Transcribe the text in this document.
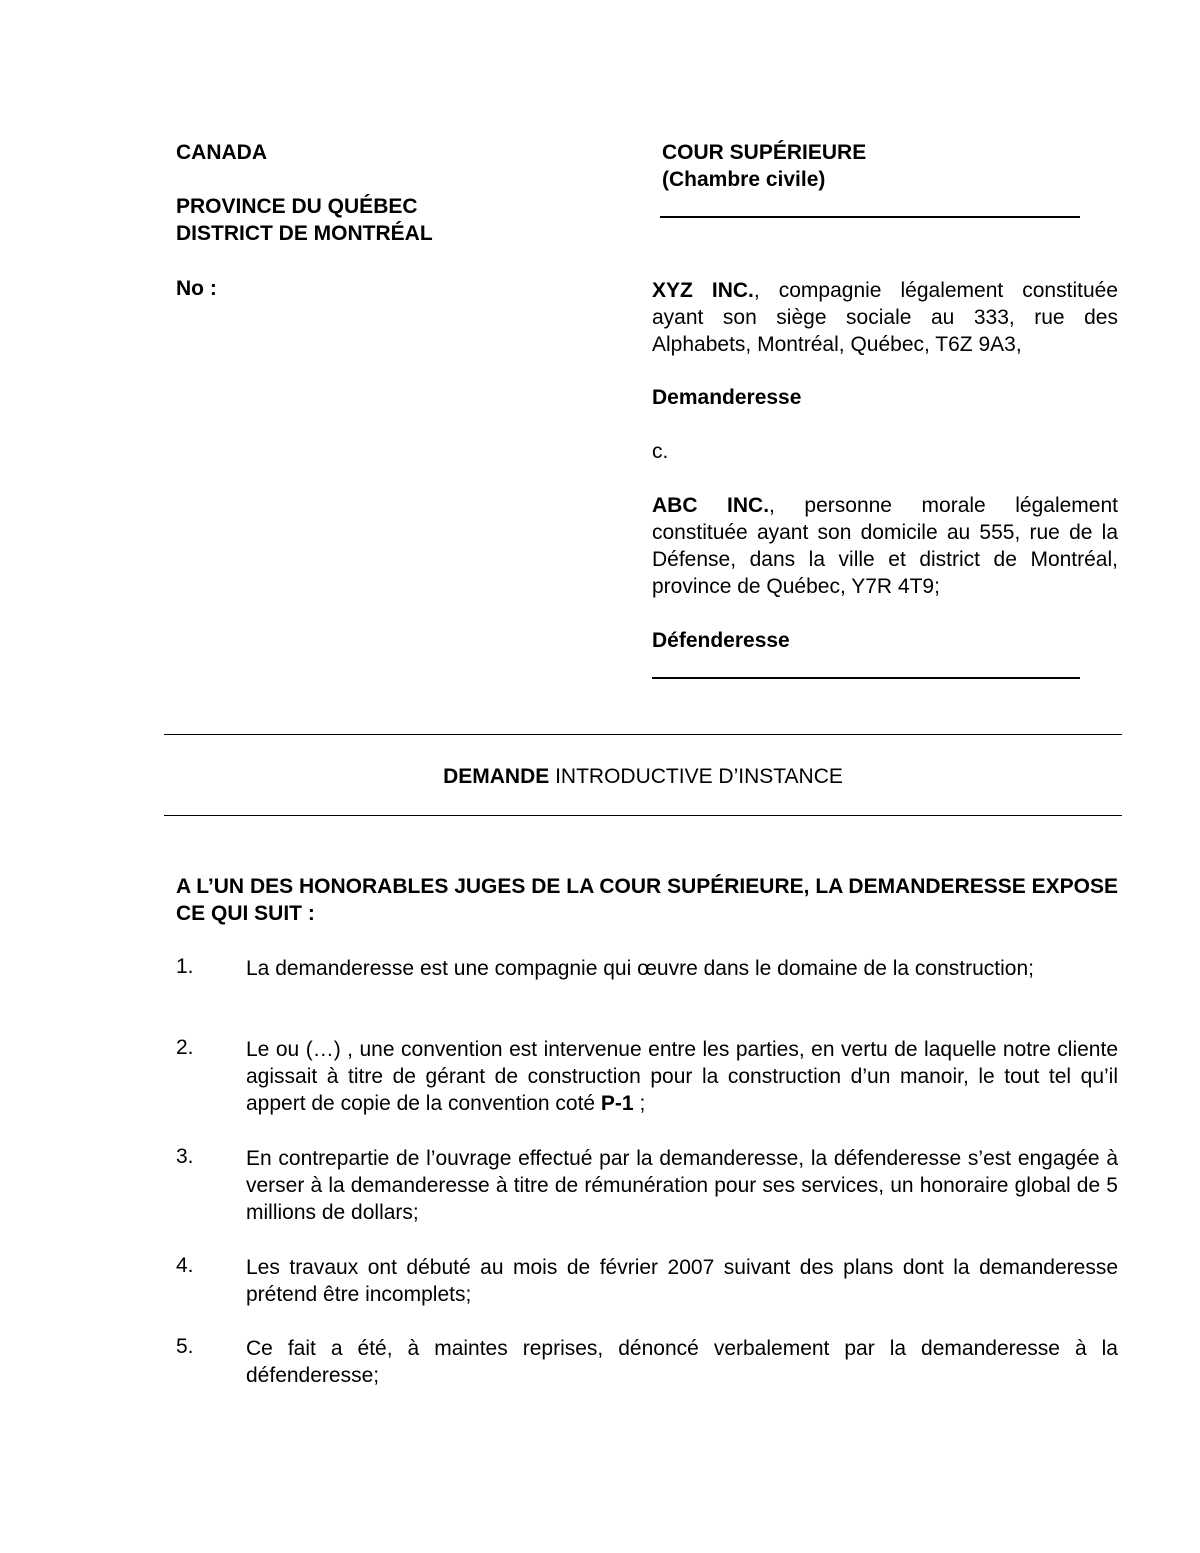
CANADA
PROVINCE DU QUÉBEC
DISTRICT DE MONTRÉAL
No :
COUR SUPÉRIEURE
(Chambre civile)
XYZ INC., compagnie légalement constituée ayant son siège sociale au 333, rue des Alphabets, Montréal, Québec, T6Z 9A3,
Demanderesse
c.
ABC INC., personne morale légalement constituée ayant son domicile au 555, rue de la Défense, dans la ville et district de Montréal, province de Québec, Y7R 4T9;
Défenderesse
DEMANDE INTRODUCTIVE D’INSTANCE
A L’UN DES HONORABLES JUGES DE LA COUR SUPÉRIEURE, LA DEMANDERESSE EXPOSE CE QUI SUIT :
1. La demanderesse est une compagnie qui œuvre dans le domaine de la construction;
2. Le ou (…) , une convention est intervenue entre les parties, en vertu de laquelle notre cliente agissait à titre de gérant de construction pour la construction d’un manoir, le tout tel qu’il appert de copie de la convention coté P-1 ;
3. En contrepartie de l’ouvrage effectué par la demanderesse, la défenderesse s’est engagée à verser à la demanderesse à titre de rémunération pour ses services, un honoraire global de 5 millions de dollars;
4. Les travaux ont débuté au mois de février 2007 suivant des plans dont la demanderesse prétend être incomplets;
5. Ce fait a été, à maintes reprises, dénoncé verbalement par la demanderesse à la défenderesse;
